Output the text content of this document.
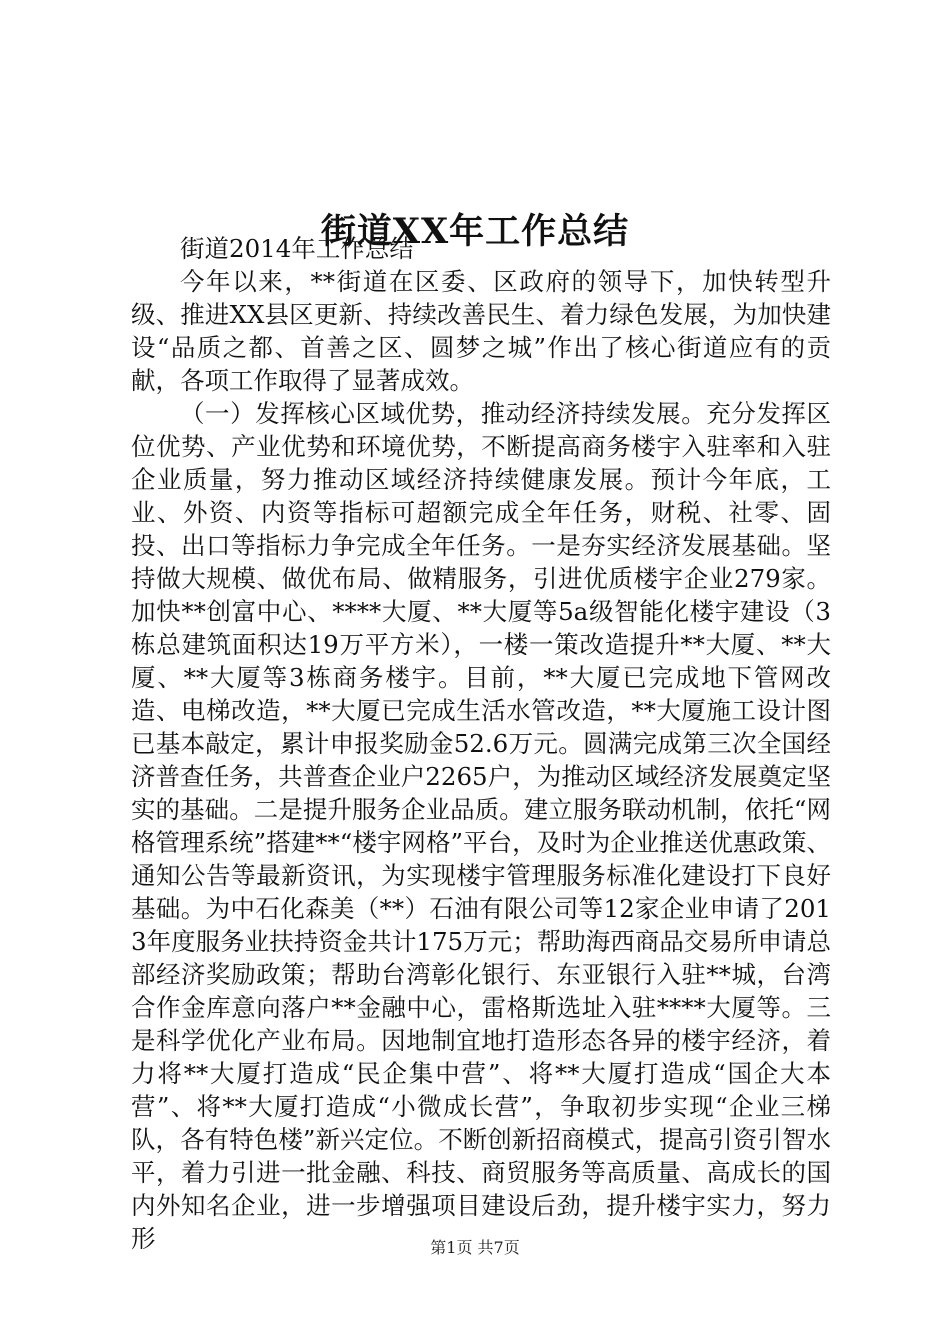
街道XX年工作总结

街道2014年工作总结

今年以来，**街道在区委、区政府的领导下，加快转型升级、推进XX县区更新、持续改善民生、着力绿色发展，为加快建设“品质之都、首善之区、圆梦之城”作出了核心街道应有的贡献，各项工作取得了显著成效。

（一）发挥核心区域优势，推动经济持续发展。充分发挥区位优势、产业优势和环境优势，不断提高商务楼宇入驻率和入驻企业质量，努力推动区域经济持续健康发展。预计今年底，工业、外资、内资等指标可超额完成全年任务，财税、社零、固投、出口等指标力争完成全年任务。一是夯实经济发展基础。坚持做大规模、做优布局、做精服务，引进优质楼宇企业279家。加快**创富中心、****大厦、**大厦等5a级智能化楼宇建设（3栋总建筑面积达19万平方米），一楼一策改造提升**大厦、**大厦、**大厦等3栋商务楼宇。目前，**大厦已完成地下管网改造、电梯改造，**大厦已完成生活水管改造，**大厦施工设计图已基本敲定，累计申报奖励金52.6万元。圆满完成第三次全国经济普查任务，共普查企业户2265户，为推动区域经济发展奠定坚实的基础。二是提升服务企业品质。建立服务联动机制，依托“网格管理系统”搭建**“楼宇网格”平台，及时为企业推送优惠政策、通知公告等最新资讯，为实现楼宇管理服务标准化建设打下良好基础。为中石化森美（**）石油有限公司等12家企业申请了2013年度服务业扶持资金共计175万元；帮助海西商品交易所申请总部经济奖励政策；帮助台湾彰化银行、东亚银行入驻**城，台湾合作金库意向落户**金融中心，雷格斯选址入驻****大厦等。三是科学优化产业布局。因地制宜地打造形态各异的楼宇经济，着力将**大厦打造成“民企集中营”、将**大厦打造成“国企大本营”、将**大厦打造成“小微成长营”，争取初步实现“企业三梯队，各有特色楼”新兴定位。不断创新招商模式，提高引资引智水平，着力引进一批金融、科技、商贸服务等高质量、高成长的国内外知名企业，进一步增强项目建设后劲，提升楼宇实力，努力形	第1页 共7页
